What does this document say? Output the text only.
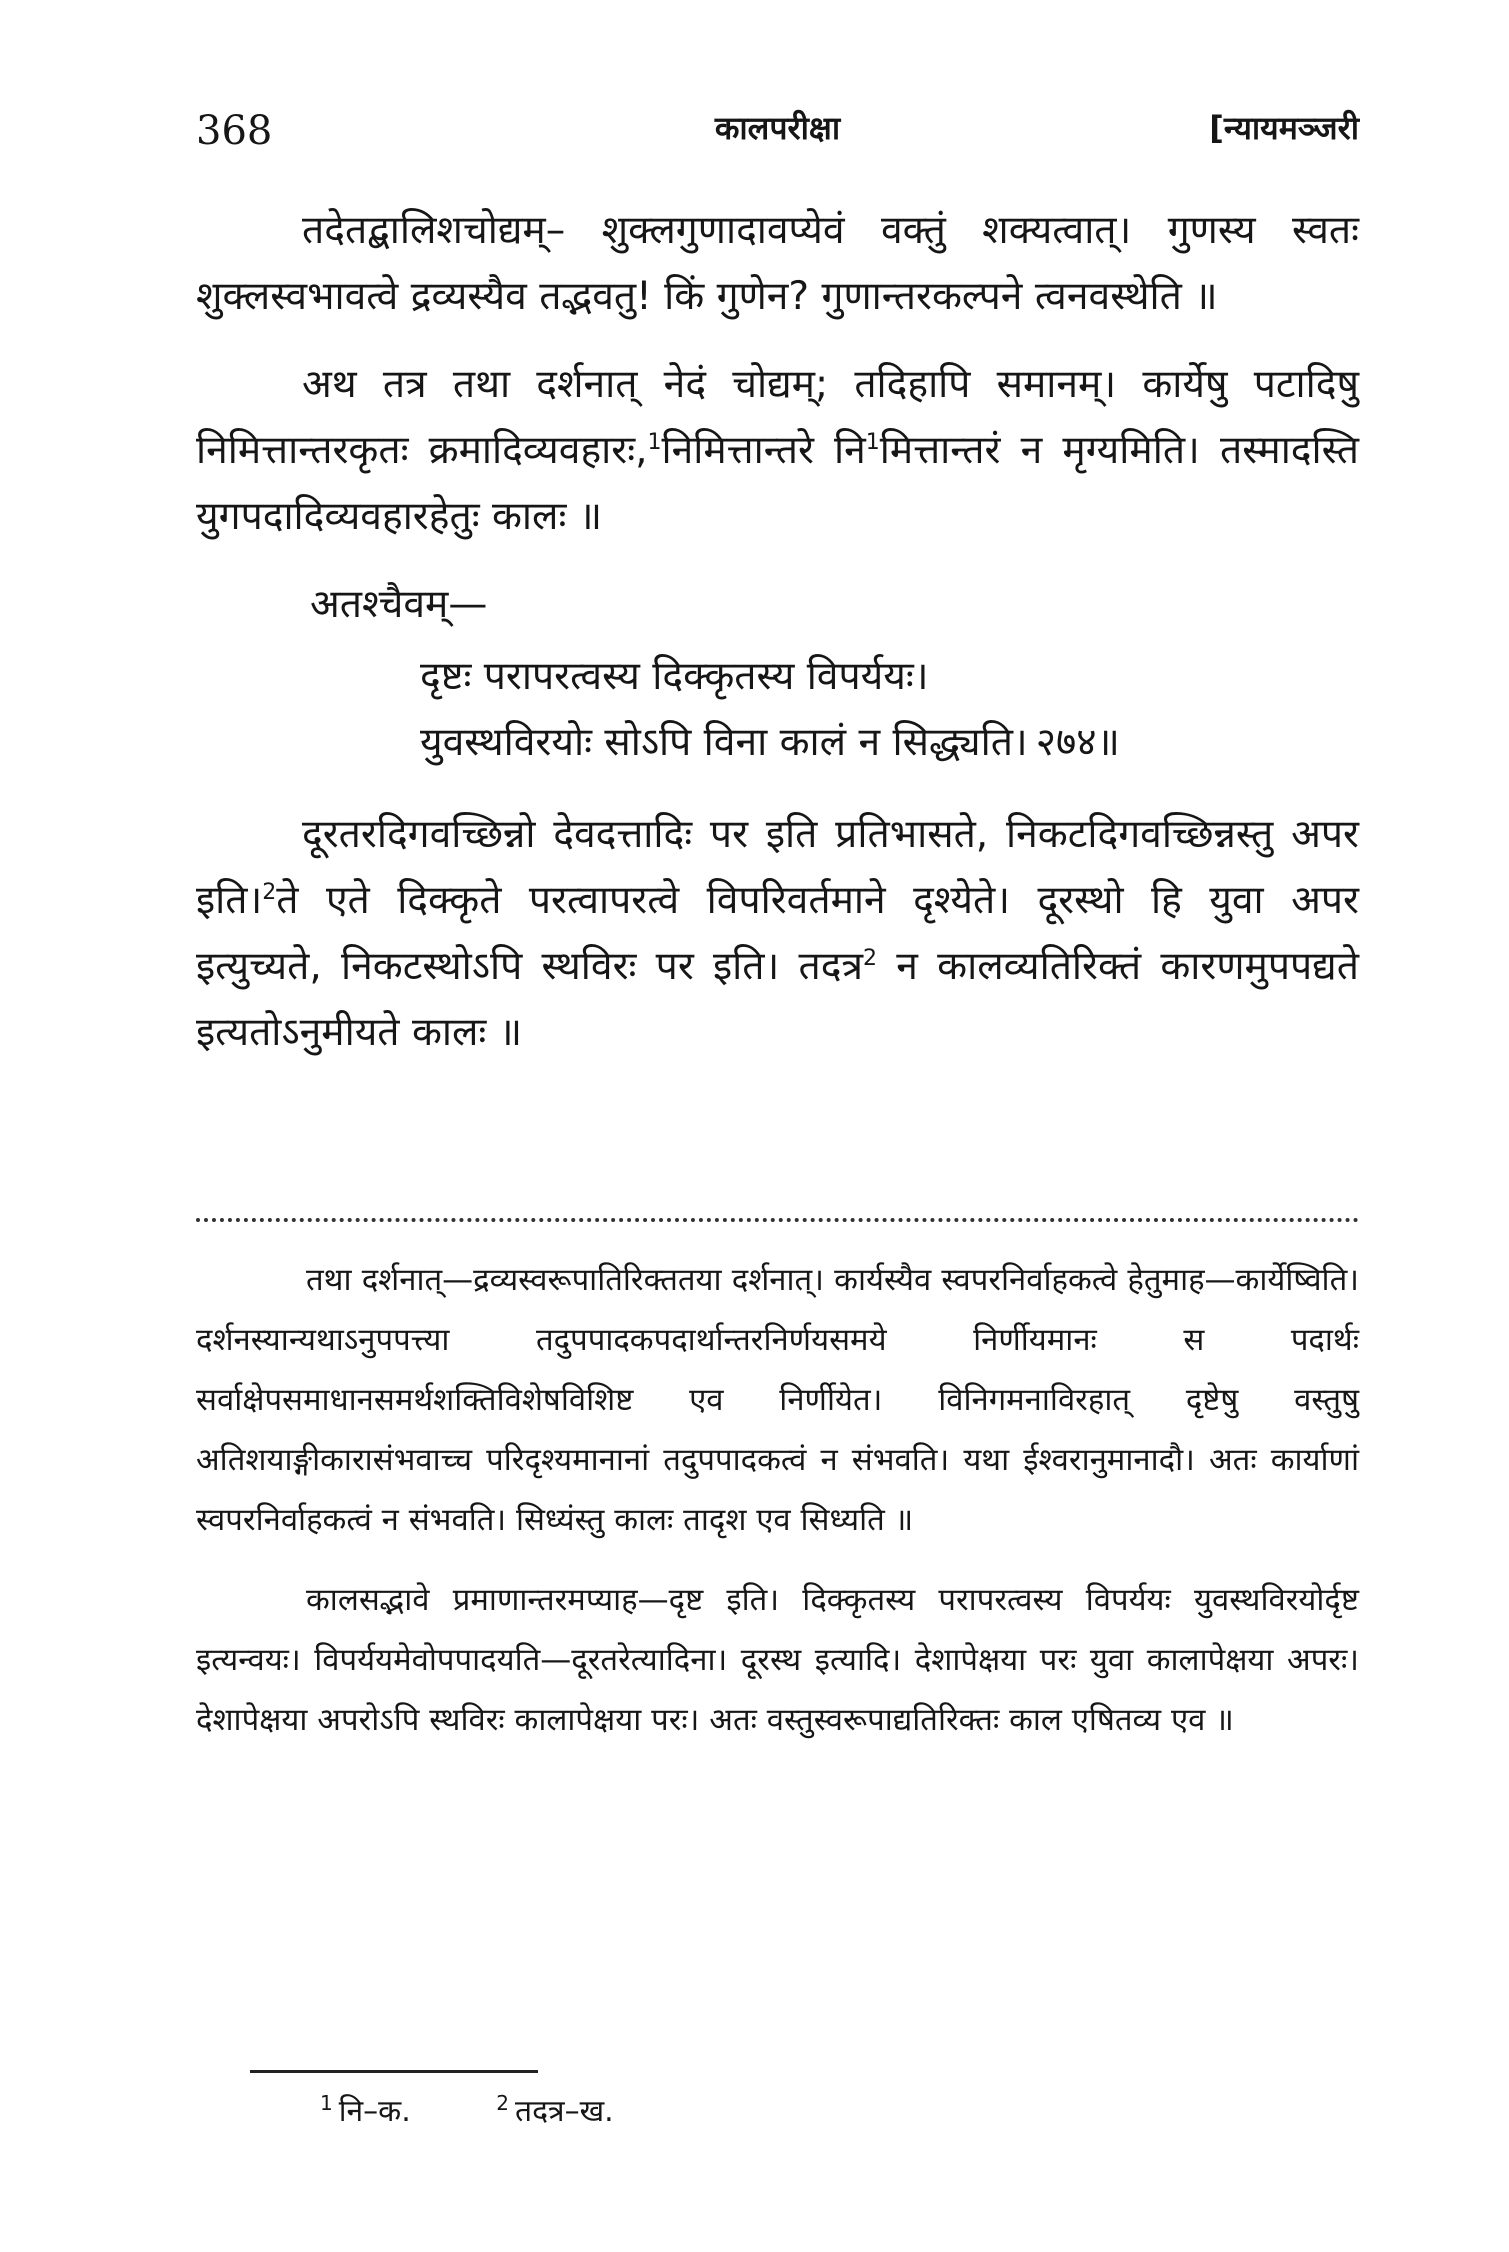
368	कालपरीक्षा	[न्यायमञ्जरी

तदेतद्बालिशचोद्यम्– शुक्लगुणादावप्येवं वक्तुं शक्यत्वात्। गुणस्य स्वतः शुक्लस्वभावत्वे द्रव्यस्यैव तद्भवतु! किं गुणेन? गुणान्तरकल्पने त्वनवस्थेति ॥

अथ तत्र तथा दर्शनात् नेदं चोद्यम्; तदिहापि समानम्। कार्येषु पटादिषु निमित्तान्तरकृतः क्रमादिव्यवहारः,$^1$निमित्तान्तरे नि$^1$मित्तान्तरं न मृग्यमिति। तस्मादस्ति युगपदादिव्यवहारहेतुः कालः ॥

अतश्चैवम्—
दृष्टः परापरत्वस्य दिक्कृतस्य विपर्ययः।
युवस्थविरयोः सोऽपि विना कालं न सिद्ध्यति। २७४॥

दूरतरदिगवच्छिन्नो देवदत्तादिः पर इति प्रतिभासते, निकटदिगवच्छिन्नस्तु अपर इति।$^2$ते एते दिक्कृते परत्वापरत्वे विपरिवर्तमाने दृश्येते। दूरस्थो हि युवा अपर इत्युच्यते, निकटस्थोऽपि स्थविरः पर इति। तदत्र$^2$ न कालव्यतिरिक्तं कारणमुपपद्यते इत्यतोऽनुमीयते कालः ॥

तथा दर्शनात्—द्रव्यस्वरूपातिरिक्ततया दर्शनात्। कार्यस्यैव स्वपरनिर्वाहकत्वे हेतुमाह—कार्येष्विति। दर्शनस्यान्यथाऽनुपपत्त्या तदुपपादकपदार्थान्तरनिर्णयसमये निर्णीयमानः स पदार्थः सर्वाक्षेपसमाधानसमर्थशक्तिविशेषविशिष्ट एव निर्णीयेत। विनिगमनाविरहात् दृष्टेषु वस्तुषु अतिशयाङ्गीकारासंभवाच्च परिदृश्यमानानां तदुपपादकत्वं न संभवति। यथा ईश्वरानुमानादौ। अतः कार्याणां स्वपरनिर्वाहकत्वं न संभवति। सिध्यंस्तु कालः तादृश एव सिध्यति ॥

कालसद्भावे प्रमाणान्तरमप्याह—दृष्ट इति। दिक्कृतस्य परापरत्वस्य विपर्ययः युवस्थविरयोर्दृष्ट इत्यन्वयः। विपर्ययमेवोपपादयति—दूरतरेत्यादिना। दूरस्थ इत्यादि। देशापेक्षया परः युवा कालापेक्षया अपरः। देशापेक्षया अपरोऽपि स्थविरः कालापेक्षया परः। अतः वस्तुस्वरूपाद्यतिरिक्तः काल एषितव्य एव ॥

$^1$ नि–क.	$^2$ तदत्र–ख.
